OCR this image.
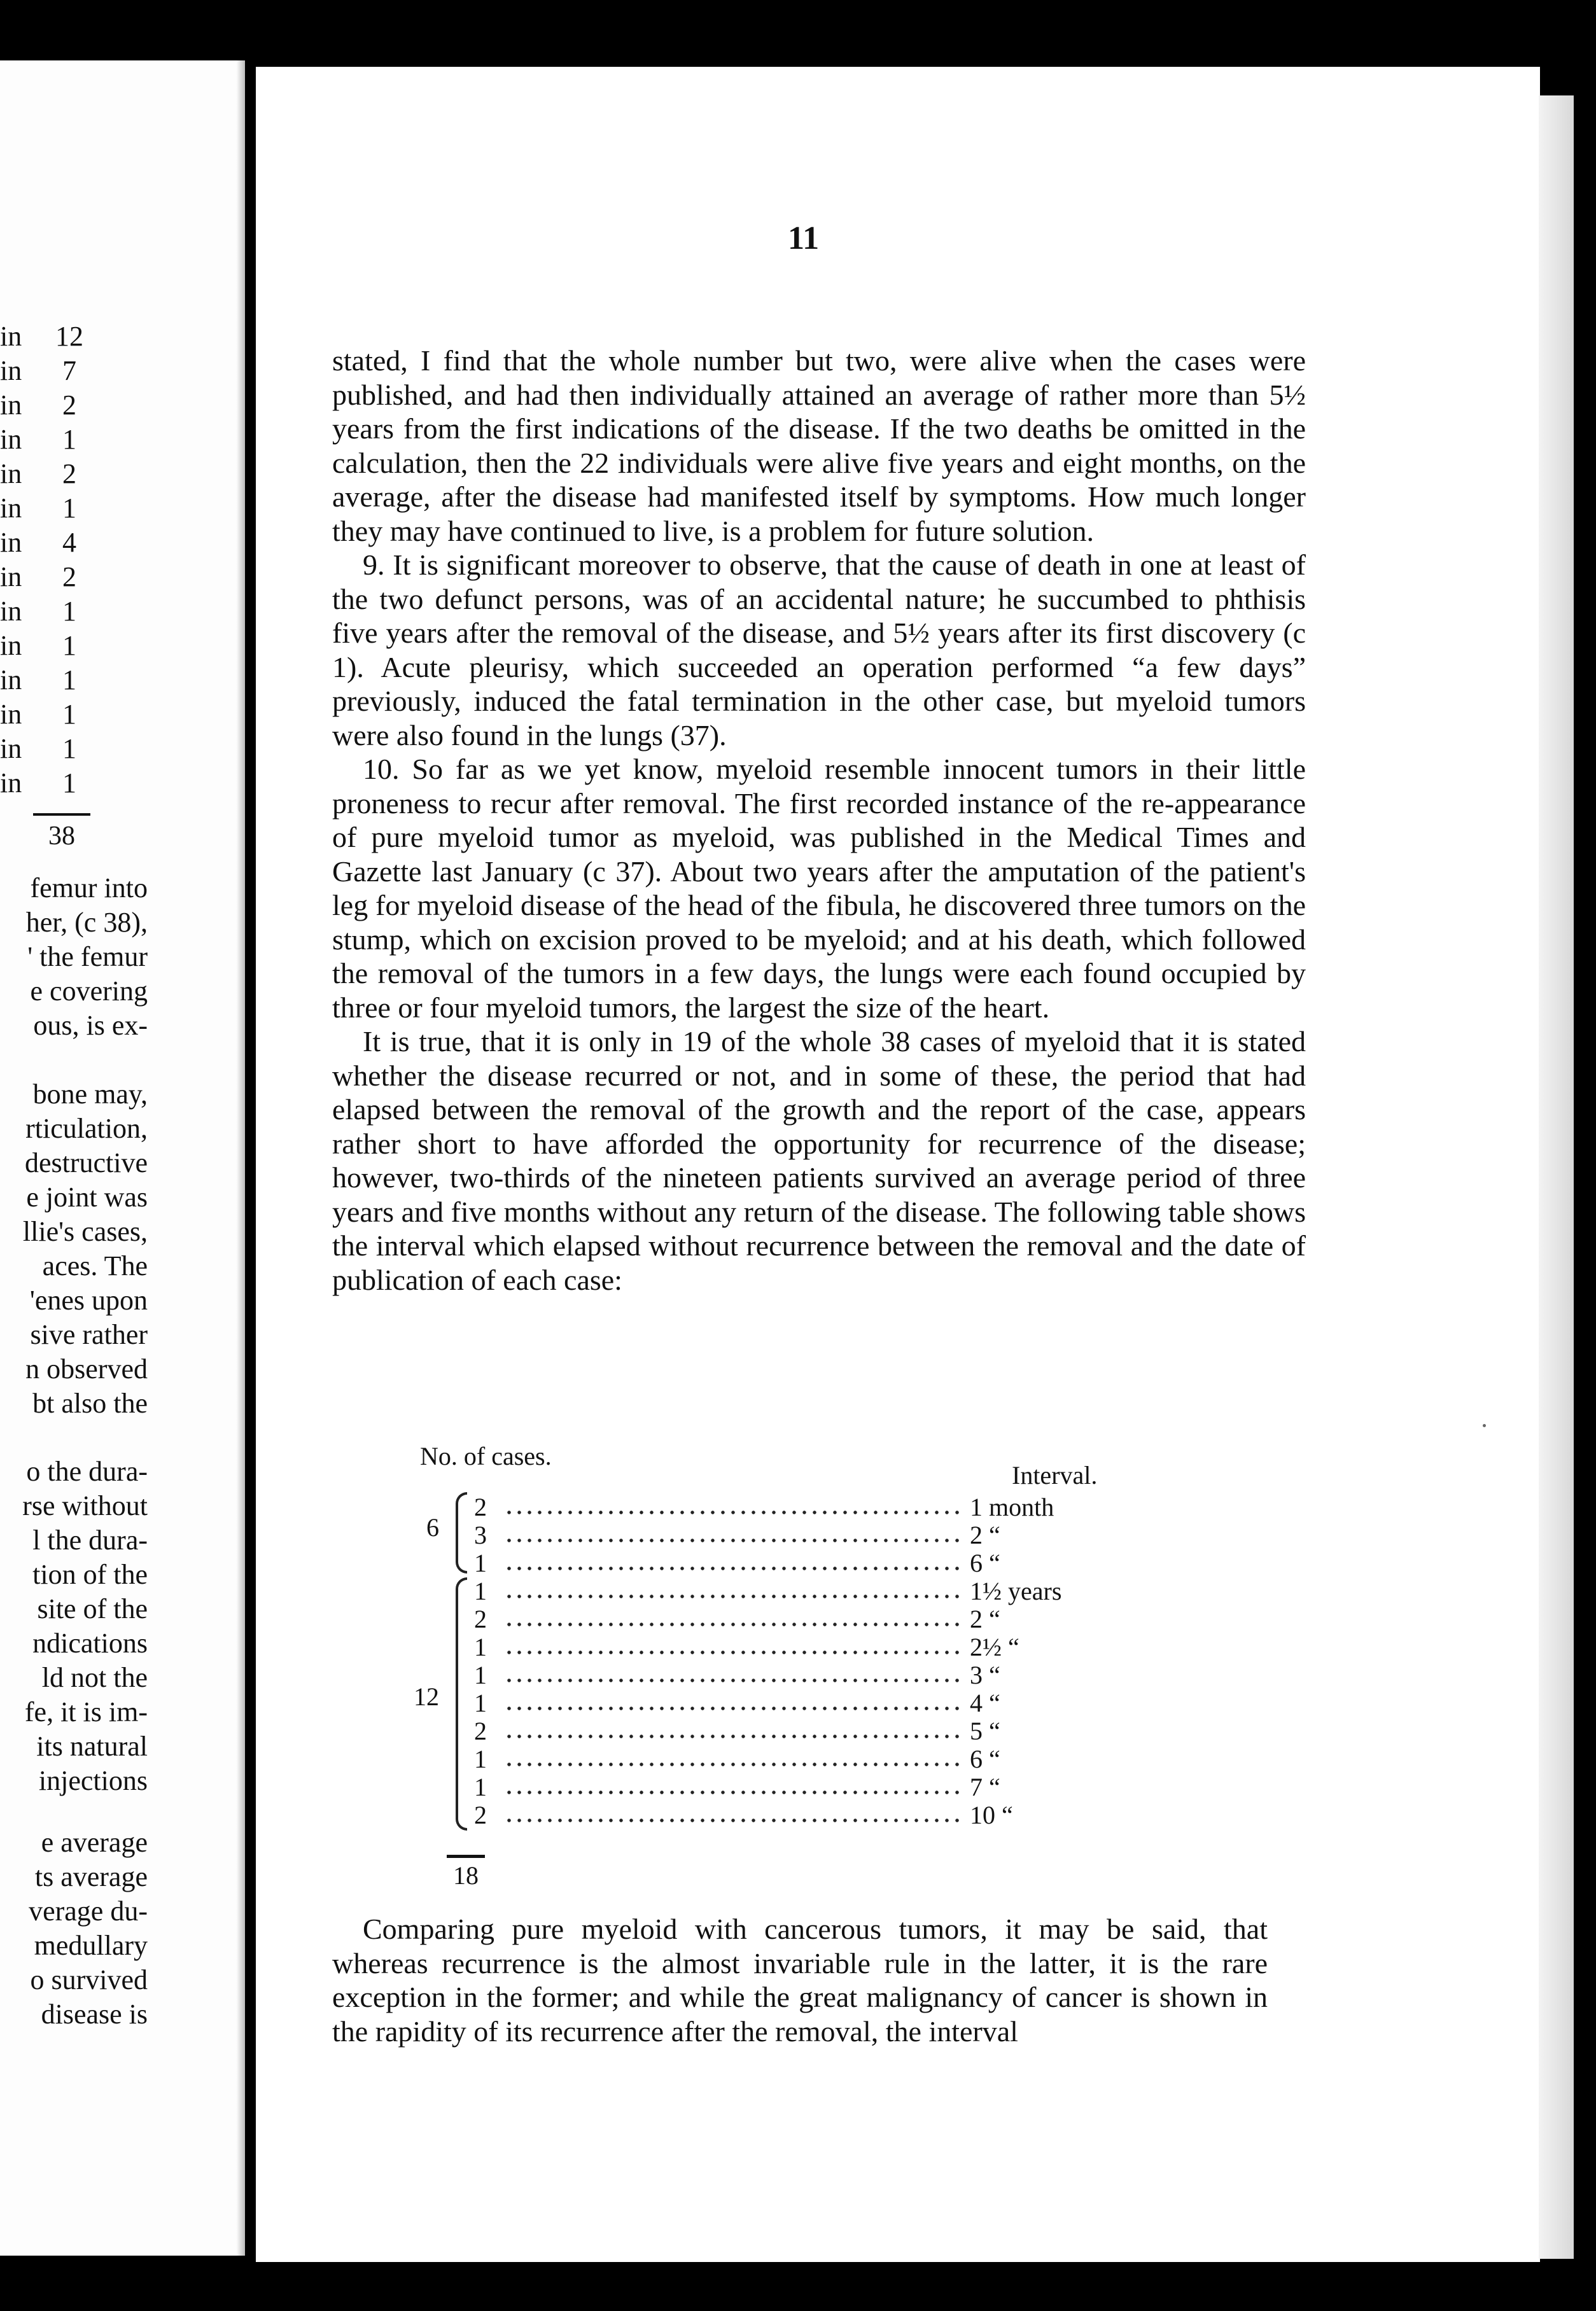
in	12
in	7
in	2
in	1
in	2
in	1
in	4
in	2
in	1
in	1
in	1
in	1
in	1
in	1
38
femur into
her, (c 38),
' the femur
e covering
ous, is ex-
bone may,
rticulation,
destructive
e joint was
llie's cases,
aces. The
'enes upon
sive rather
n observed
bt also the
o the dura-
rse without
l the dura-
tion of the
site of the
ndications
ld not the
fe, it is im-
its natural
injections
e average
ts average
verage du-
medullary
o survived
disease is
11

stated, I find that the whole number but two, were alive when the cases were published, and had then individually attained an average of rather more than 5½ years from the first indications of the disease. If the two deaths be omitted in the calculation, then the 22 individuals were alive five years and eight months, on the average, after the disease had manifested itself by symptoms. How much longer they may have continued to live, is a problem for future solution.

9. It is significant moreover to observe, that the cause of death in one at least of the two defunct persons, was of an accidental nature; he succumbed to phthisis five years after the removal of the disease, and 5½ years after its first discovery (c 1). Acute pleurisy, which succeeded an operation performed “a few days” previously, induced the fatal termination in the other case, but myeloid tumors were also found in the lungs (37).

10. So far as we yet know, myeloid resemble innocent tumors in their little proneness to recur after removal. The first recorded instance of the re-appearance of pure myeloid tumor as myeloid, was published in the Medical Times and Gazette last January (c 37). About two years after the amputation of the patient's leg for myeloid disease of the head of the fibula, he discovered three tumors on the stump, which on excision proved to be myeloid; and at his death, which followed the removal of the tumors in a few days, the lungs were each found occupied by three or four myeloid tumors, the largest the size of the heart.

It is true, that it is only in 19 of the whole 38 cases of myeloid that it is stated whether the disease recurred or not, and in some of these, the period that had elapsed between the removal of the growth and the report of the case, appears rather short to have afforded the opportunity for recurrence of the disease; however, two-thirds of the nineteen patients survived an average period of three years and five months without any return of the disease. The following table shows the interval which elapsed without recurrence between the removal and the date of publication of each case:

No. of cases.
Interval.
6
12
2	1 month
3	2 “
1	6 “
1	1½ years
2	2 “
1	2½ “
1	3 “
1	4 “
2	5 “
1	6 “
1	7 “
2	10 “
18
Comparing pure myeloid with cancerous tumors, it may be said, that whereas recurrence is the almost invariable rule in the latter, it is the rare exception in the former; and while the great malignancy of cancer is shown in the rapidity of its recurrence after the removal, the interval
